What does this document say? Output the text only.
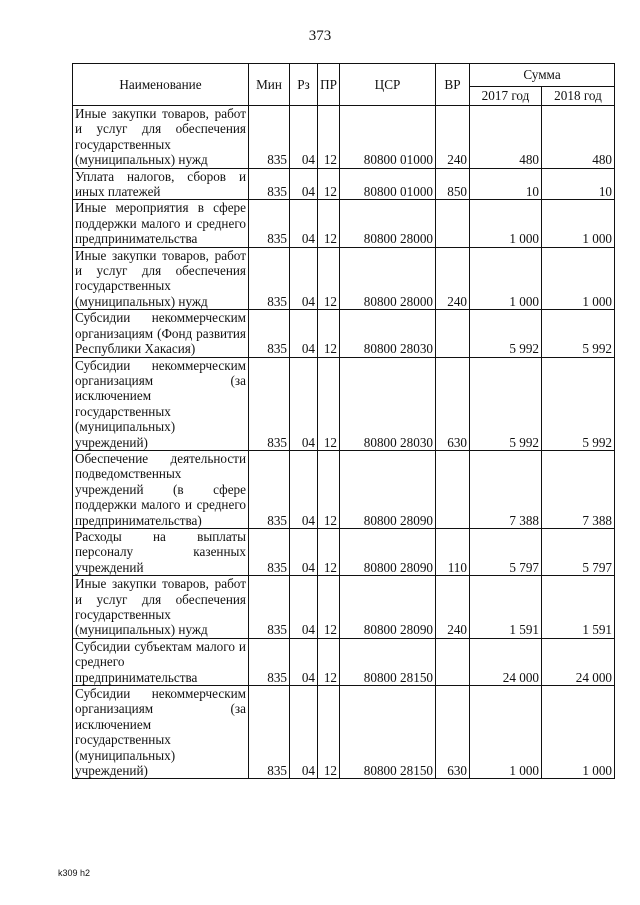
373
Наименование	Мин	Рз	ПР	ЦСР	ВР	Сумма	
						2017 год	2018 год
Иные закупки товаров, работ и услуг для обеспечения государственных (муниципальных) нужд	835	04	12	80800 01000	240	480	480
Уплата налогов, сборов и иных платежей	835	04	12	80800 01000	850	10	10
Иные мероприятия в сфере поддержки малого и среднего предпринимательства	835	04	12	80800 28000		1 000	1 000
Иные закупки товаров, работ и услуг для обеспечения государственных (муниципальных) нужд	835	04	12	80800 28000	240	1 000	1 000
Субсидии некоммерческим организациям (Фонд развития Республики Хакасия)	835	04	12	80800 28030		5 992	5 992
Субсидии некоммерческим организациям (за исключением государственных (муниципальных) учреждений)	835	04	12	80800 28030	630	5 992	5 992
Обеспечение деятельности подведомственных учреждений (в сфере поддержки малого и среднего предпринимательства)	835	04	12	80800 28090		7 388	7 388
Расходы на выплаты персоналу казенных учреждений	835	04	12	80800 28090	110	5 797	5 797
Иные закупки товаров, работ и услуг для обеспечения государственных (муниципальных) нужд	835	04	12	80800 28090	240	1 591	1 591
Субсидии субъектам малого и среднего предпринимательства	835	04	12	80800 28150		24 000	24 000
Субсидии некоммерческим организациям (за исключением государственных (муниципальных) учреждений)	835	04	12	80800 28150	630	1 000	1 000
k309 h2
